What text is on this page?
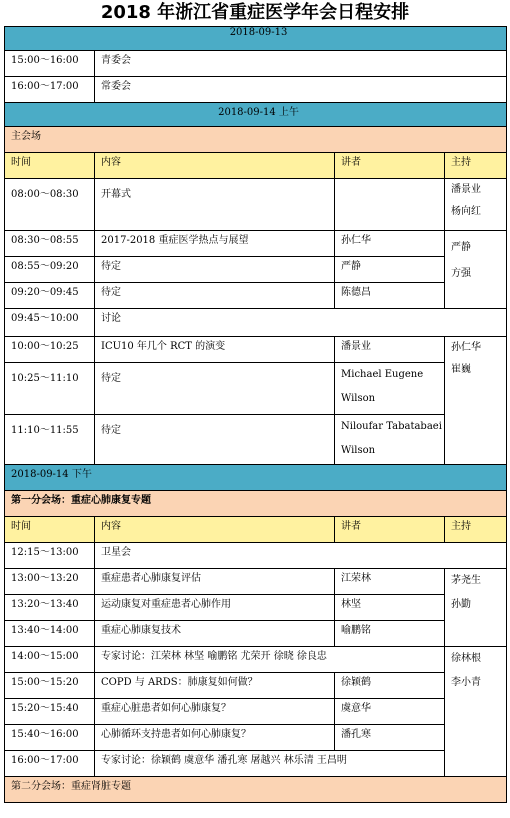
2018 年浙江省重症医学年会日程安排
2018-09-13			
15:00～16:00	青委会		
16:00～17:00	常委会		
2018-09-14 上午			
主会场			
时间	内容	讲者	主持
08:00～08:30	开幕式		潘景业
杨向红

08:30～08:55	2017-2018 重症医学热点与展望	孙仁华	严静
方强

08:55～09:20	待定	严静	
09:20～09:45	待定	陈德昌	
09:45～10:00	讨论		
10:00～10:25	ICU10 年几个 RCT 的演变	潘景业	孙仁华
崔巍

10:25～11:10	待定	Michael Eugene
Wilson	

11:10～11:55	待定	Niloufar Tabatabaei
Wilson	

2018-09-14 下午			
第一分会场：重症心肺康复专题			
时间	内容	讲者	主持
12:15～13:00	卫星会		
13:00～13:20	重症患者心肺康复评估	江荣林	茅尧生
孙勤

13:20～13:40	运动康复对重症患者心肺作用	林坚	
13:40～14:00	重症心肺康复技术	喻鹏铭	
14:00～15:00	专家讨论：江荣林 林坚 喻鹏铭 尤荣开 徐晓 徐良忠		徐林根
李小青

15:00～15:20	COPD 与 ARDS：肺康复如何做？	徐颖鹤	
15:20～15:40	重症心脏患者如何心肺康复？	虞意华	
15:40～16:00	心肺循环支持患者如何心肺康复？	潘孔寒	
16:00～17:00	专家讨论：徐颖鹤 虞意华 潘孔寒 屠越兴 林乐清 王昌明		
第二分会场：重症肾脏专题			
